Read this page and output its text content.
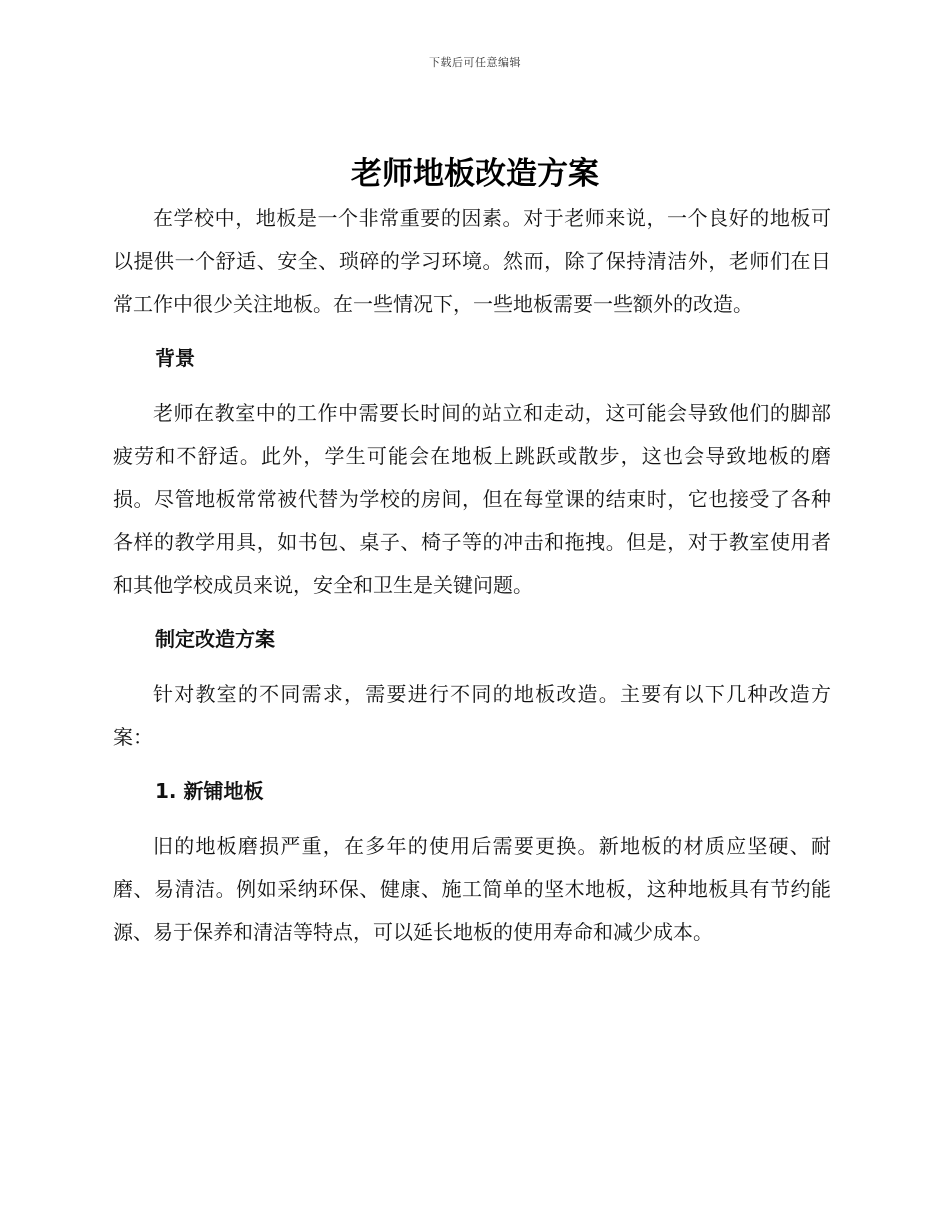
下载后可任意编辑
老师地板改造方案

在学校中，地板是一个非常重要的因素。对于老师来说，一个良好的地板可以提供一个舒适、安全、琐碎的学习环境。然而，除了保持清洁外，老师们在日常工作中很少关注地板。在一些情况下，一些地板需要一些额外的改造。

背景

老师在教室中的工作中需要长时间的站立和走动，这可能会导致他们的脚部疲劳和不舒适。此外，学生可能会在地板上跳跃或散步，这也会导致地板的磨损。尽管地板常常被代替为学校的房间，但在每堂课的结束时，它也接受了各种各样的教学用具，如书包、桌子、椅子等的冲击和拖拽。但是，对于教室使用者和其他学校成员来说，安全和卫生是关键问题。

制定改造方案

针对教室的不同需求，需要进行不同的地板改造。主要有以下几种改造方案：

1. 新铺地板

旧的地板磨损严重，在多年的使用后需要更换。新地板的材质应坚硬、耐磨、易清洁。例如采纳环保、健康、施工简单的坚木地板，这种地板具有节约能源、易于保养和清洁等特点，可以延长地板的使用寿命和减少成本。
